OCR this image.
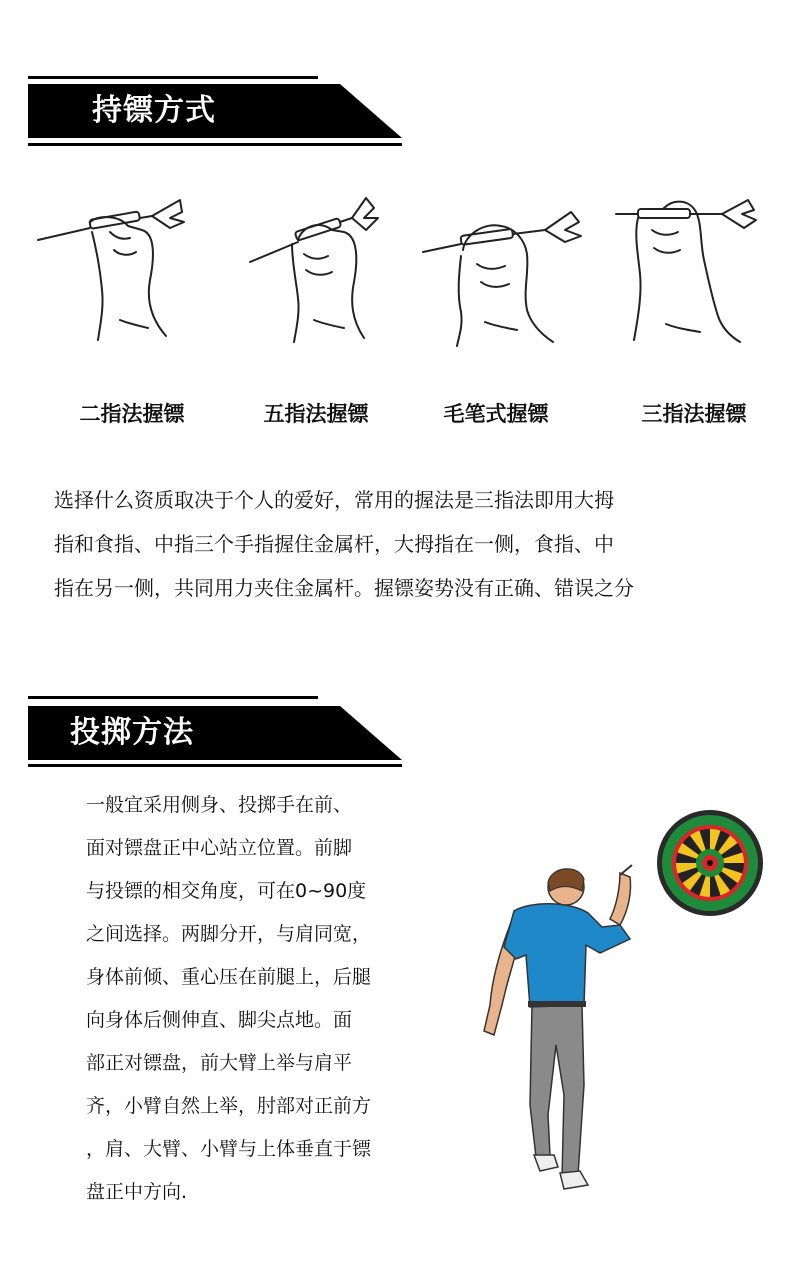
持镖方式
二指法握镖	五指法握镖	毛笔式握镖	三指法握镖
选择什么资质取决于个人的爱好，常用的握法是三指法即用大拇
指和食指、中指三个手指握住金属杆，大拇指在一侧，食指、中
指在另一侧，共同用力夹住金属杆。握镖姿势没有正确、错误之分
投掷方法
一般宜采用侧身、投掷手在前、
面对镖盘正中心站立位置。前脚
与投镖的相交角度，可在0~90度
之间选择。两脚分开，与肩同宽，
身体前倾、重心压在前腿上，后腿
向身体后侧伸直、脚尖点地。面
部正对镖盘，前大臂上举与肩平
齐，小臂自然上举，肘部对正前方
，肩、大臂、小臂与上体垂直于镖
盘正中方向.
